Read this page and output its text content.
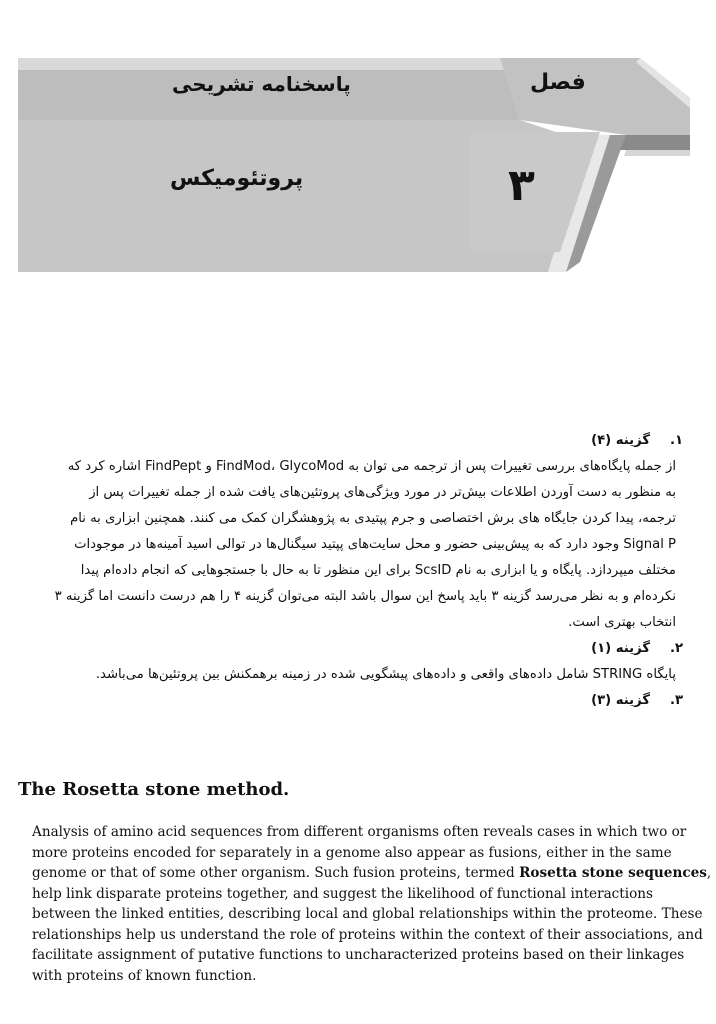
فصل
۳
پاسخنامه تشریحی
پروتئومیکس
۱.
گزینه (۴)
از جمله پایگاه‌های بررسی تغییرات پس از ترجمه می توان به FindMod، GlycoMod و FindPept اشاره کرد که
به منظور به دست آوردن اطلاعات بیش‌تر در مورد ویژگی‌های پروتئین‌های یافت شده از جمله تغییرات پس از
ترجمه، پیدا کردن جایگاه های برش اختصاصی و جرم پپتیدی به پژوهشگران کمک می کنند. همچنین ابزاری به نام
Signal P وجود دارد که به پیش‌بینی حضور و محل سایت‌های پپتید سیگنال‌ها در توالی اسید آمینه‌ها در موجودات
مختلف میپردازد. پایگاه و یا ابزاری به نام ScsID برای این منظور تا به حال با جستجوهایی که انجام داده‌ام پیدا
نکرده‌ام و به نظر می‌رسد گزینه ۳ باید پاسخ این سوال باشد البته می‌توان گزینه ۴ را هم درست دانست اما گزینه ۳
انتخاب بهتری است.
۲.
گزینه (۱)
پایگاه STRING شامل داده‌های واقعی و داده‌های پیشگویی شده در زمینه برهمکنش بین پروتئین‌ها می‌باشد.
۳.
گزینه (۳)
The Rosetta stone method.
Analysis of amino acid sequences from different organisms often reveals cases in which two or
more proteins encoded for separately in a genome also appear as fusions, either in the same
genome or that of some other organism. Such fusion proteins, termed Rosetta stone sequences,
help link disparate proteins together, and suggest the likelihood of functional interactions
between the linked entities, describing local and global relationships within the proteome. These
relationships help us understand the role of proteins within the context of their associations, and
facilitate assignment of putative functions to uncharacterized proteins based on their linkages
with proteins of known function.
